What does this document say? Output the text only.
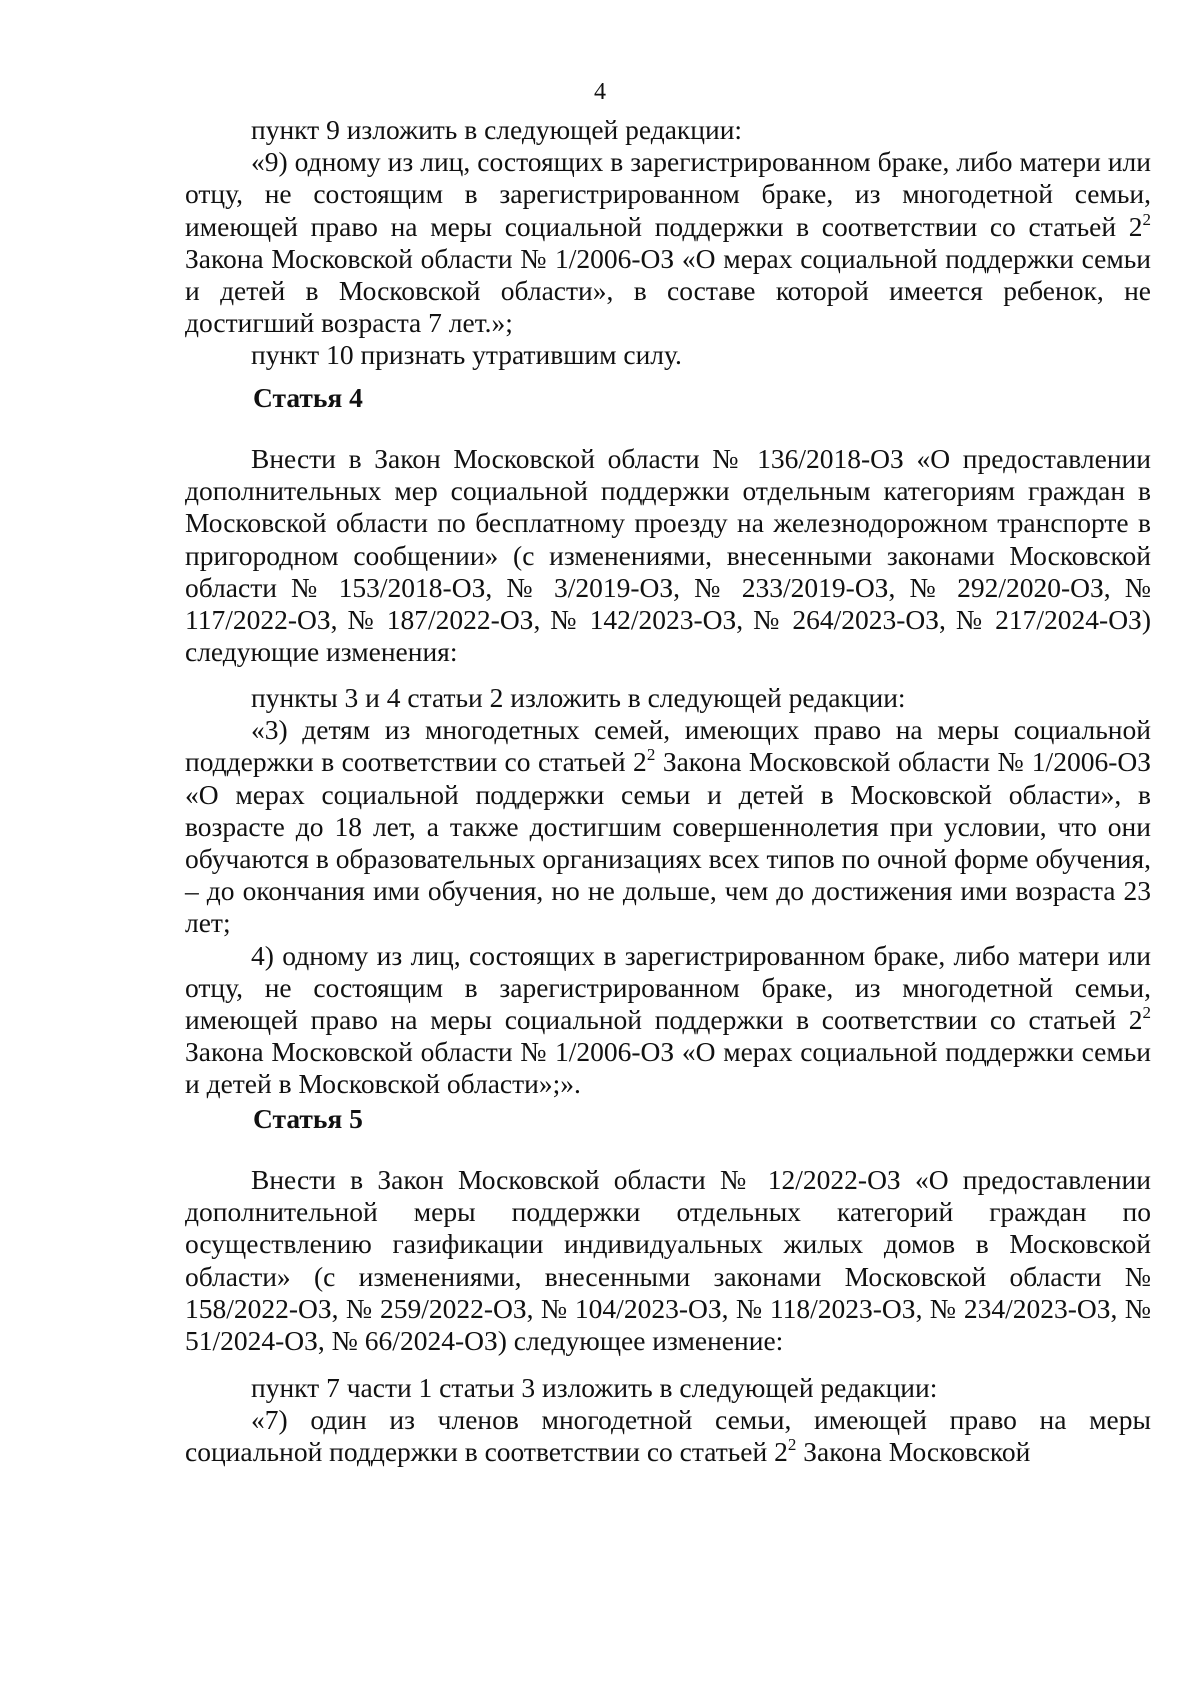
4

пункт 9 изложить в следующей редакции:

«9) одному из лиц, состоящих в зарегистрированном браке, либо матери или отцу, не состоящим в зарегистрированном браке, из многодетной семьи, имеющей право на меры социальной поддержки в соответствии со статьей $2^2$ Закона Московской области № 1/2006-ОЗ «О мерах социальной поддержки семьи и детей в Московской области», в составе которой имеется ребенок, не достигший возраста 7 лет.»;

пункт 10 признать утратившим силу.

Статья 4

Внести в Закон Московской области № 136/2018-ОЗ «О предоставлении дополнительных мер социальной поддержки отдельным категориям граждан в Московской области по бесплатному проезду на железнодорожном транспорте в пригородном сообщении» (с изменениями, внесенными законами Московской области № 153/2018-ОЗ, № 3/2019-ОЗ, № 233/2019-ОЗ, № 292/2020-ОЗ, № 117/2022-ОЗ, № 187/2022-ОЗ, № 142/2023-ОЗ, № 264/2023-ОЗ, № 217/2024-ОЗ) следующие изменения:

пункты 3 и 4 статьи 2 изложить в следующей редакции:

«3) детям из многодетных семей, имеющих право на меры социальной поддержки в соответствии со статьей $2^2$ Закона Московской области № 1/2006-ОЗ «О мерах социальной поддержки семьи и детей в Московской области», в возрасте до 18 лет, а также достигшим совершеннолетия при условии, что они обучаются в образовательных организациях всех типов по очной форме обучения, – до окончания ими обучения, но не дольше, чем до достижения ими возраста 23 лет;

4) одному из лиц, состоящих в зарегистрированном браке, либо матери или отцу, не состоящим в зарегистрированном браке, из многодетной семьи, имеющей право на меры социальной поддержки в соответствии со статьей $2^2$ Закона Московской области № 1/2006-ОЗ «О мерах социальной поддержки семьи и детей в Московской области»;».

Статья 5

Внести в Закон Московской области № 12/2022-ОЗ «О предоставлении дополнительной меры поддержки отдельных категорий граждан по осуществлению газификации индивидуальных жилых домов в Московской области» (с изменениями, внесенными законами Московской области № 158/2022-ОЗ, № 259/2022-ОЗ, № 104/2023-ОЗ, № 118/2023-ОЗ, № 234/2023-ОЗ, № 51/2024-ОЗ, № 66/2024-ОЗ) следующее изменение:

пункт 7 части 1 статьи 3 изложить в следующей редакции:

«7) один из членов многодетной семьи, имеющей право на меры социальной поддержки в соответствии со статьей $2^2$ Закона Московской
